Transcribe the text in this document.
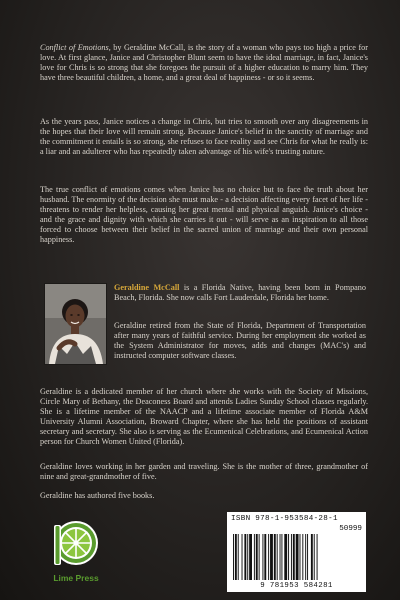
Conflict of Emotions, by Geraldine McCall, is the story of a woman who pays too high a price for love. At first glance, Janice and Christopher Blunt seem to have the ideal marriage, in fact, Janice's love for Chris is so strong that she foregoes the pursuit of a higher education to marry him. They have three beautiful children, a home, and a great deal of happiness - or so it seems.

As the years pass, Janice notices a change in Chris, but tries to smooth over any disagreements in the hopes that their love will remain strong. Because Janice's belief in the sanctity of marriage and the commitment it entails is so strong, she refuses to face reality and see Chris for what he really is: a liar and an adulterer who has repeatedly taken advantage of his wife's trusting nature.

The true conflict of emotions comes when Janice has no choice but to face the truth about her husband. The enormity of the decision she must make - a decision affecting every facet of her life - threatens to render her helpless, causing her great mental and physical anguish. Janice's choice - and the grace and dignity with which she carries it out - will serve as an inspiration to all those forced to choose between their belief in the sacred union of marriage and their own personal happiness.

Geraldine McCall is a Florida Native, having been born in Pompano Beach, Florida. She now calls Fort Lauderdale, Florida her home.

Geraldine retired from the State of Florida, Department of Transportation after many years of faithful service. During her employment she worked as the System Administrator for moves, adds and changes (MAC's) and instructed computer software classes.

Geraldine is a dedicated member of her church where she works with the Society of Missions, Circle Mary of Bethany, the Deaconess Board and attends Ladies Sunday School classes regularly. She is a lifetime member of the NAACP and a lifetime associate member of Florida A&M University Alumni Association, Broward Chapter, where she has held the positions of assistant secretary and secretary. She also is serving as the Ecumenical Celebrations, and Ecumenical Action person for Church Women United (Florida).

Geraldine loves working in her garden and traveling. She is the mother of three, grandmother of nine and great-grandmother of five.

Geraldine has authored five books.

Lime Press
ISBN 978-1-953584-28-1
50999
9 781953 584281
